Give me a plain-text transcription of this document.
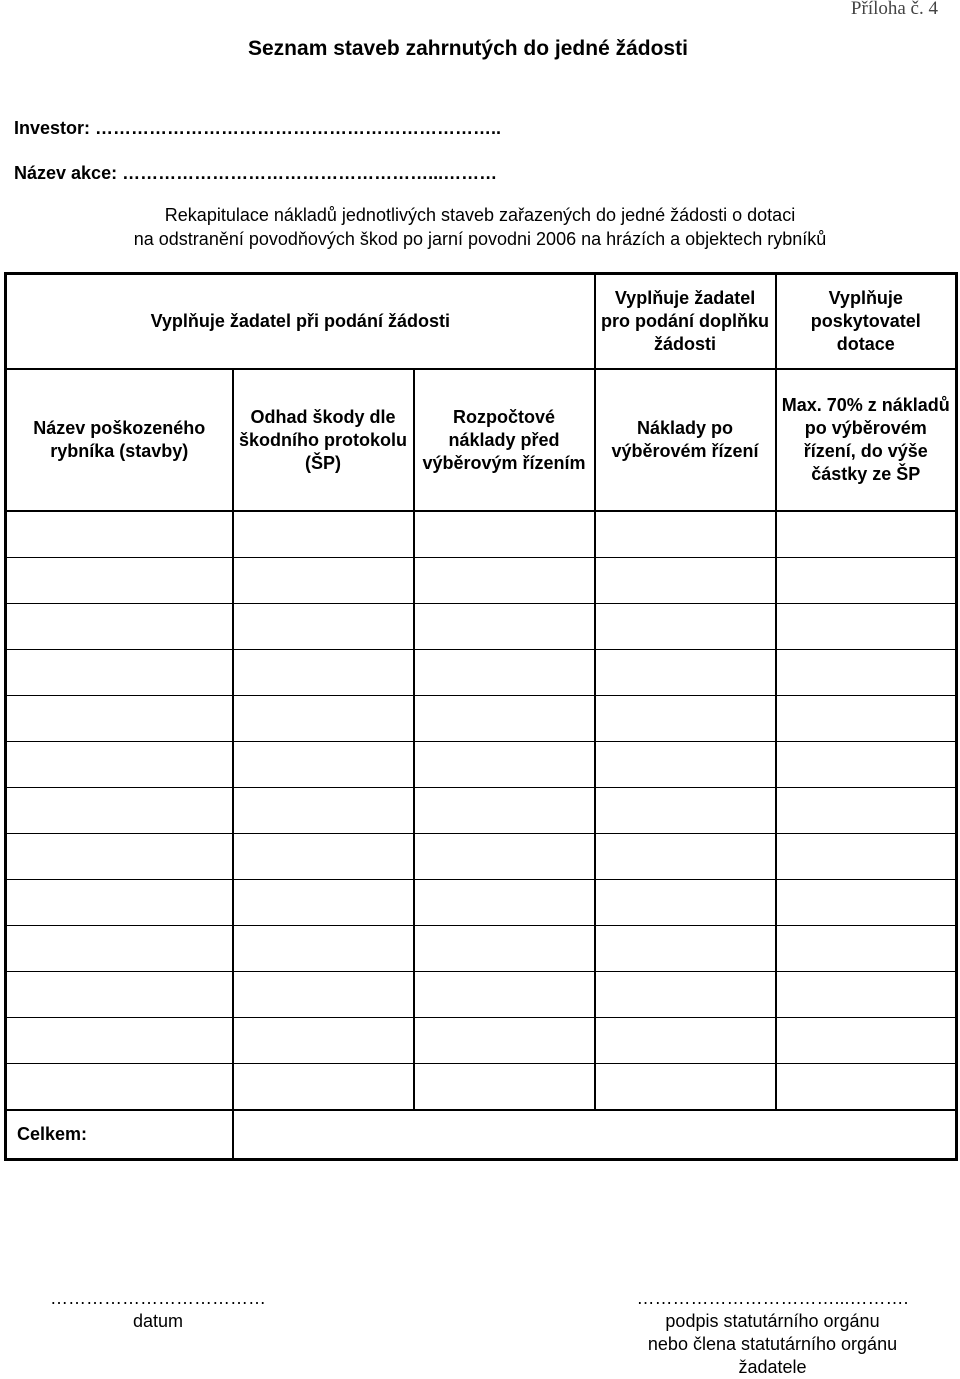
Příloha č. 4
Seznam staveb zahrnutých do jedné žádosti
Investor: …………………………………………………………..
Název akce: ……………………………………………...………
Rekapitulace nákladů jednotlivých staveb zařazených do jedné žádosti o dotaci
na odstranění povodňových škod po jarní povodni 2006 na hrázích a objektech rybníků
Vyplňuje žadatel při podání žádosti			Vyplňuje žadatel pro podání doplňku žádosti	Vyplňuje poskytovatel dotace
Název poškozeného rybníka (stavby)	Odhad škody dle škodního protokolu (ŠP)	Rozpočtové náklady před výběrovým řízením	Náklady po výběrovém řízení	Max. 70% z nákladů po výběrovém řízení, do výše částky ze ŠP

Celkem:				
………………………………
datum
……………………………...……….
podpis statutárního orgánu
nebo člena statutárního orgánu
žadatele
